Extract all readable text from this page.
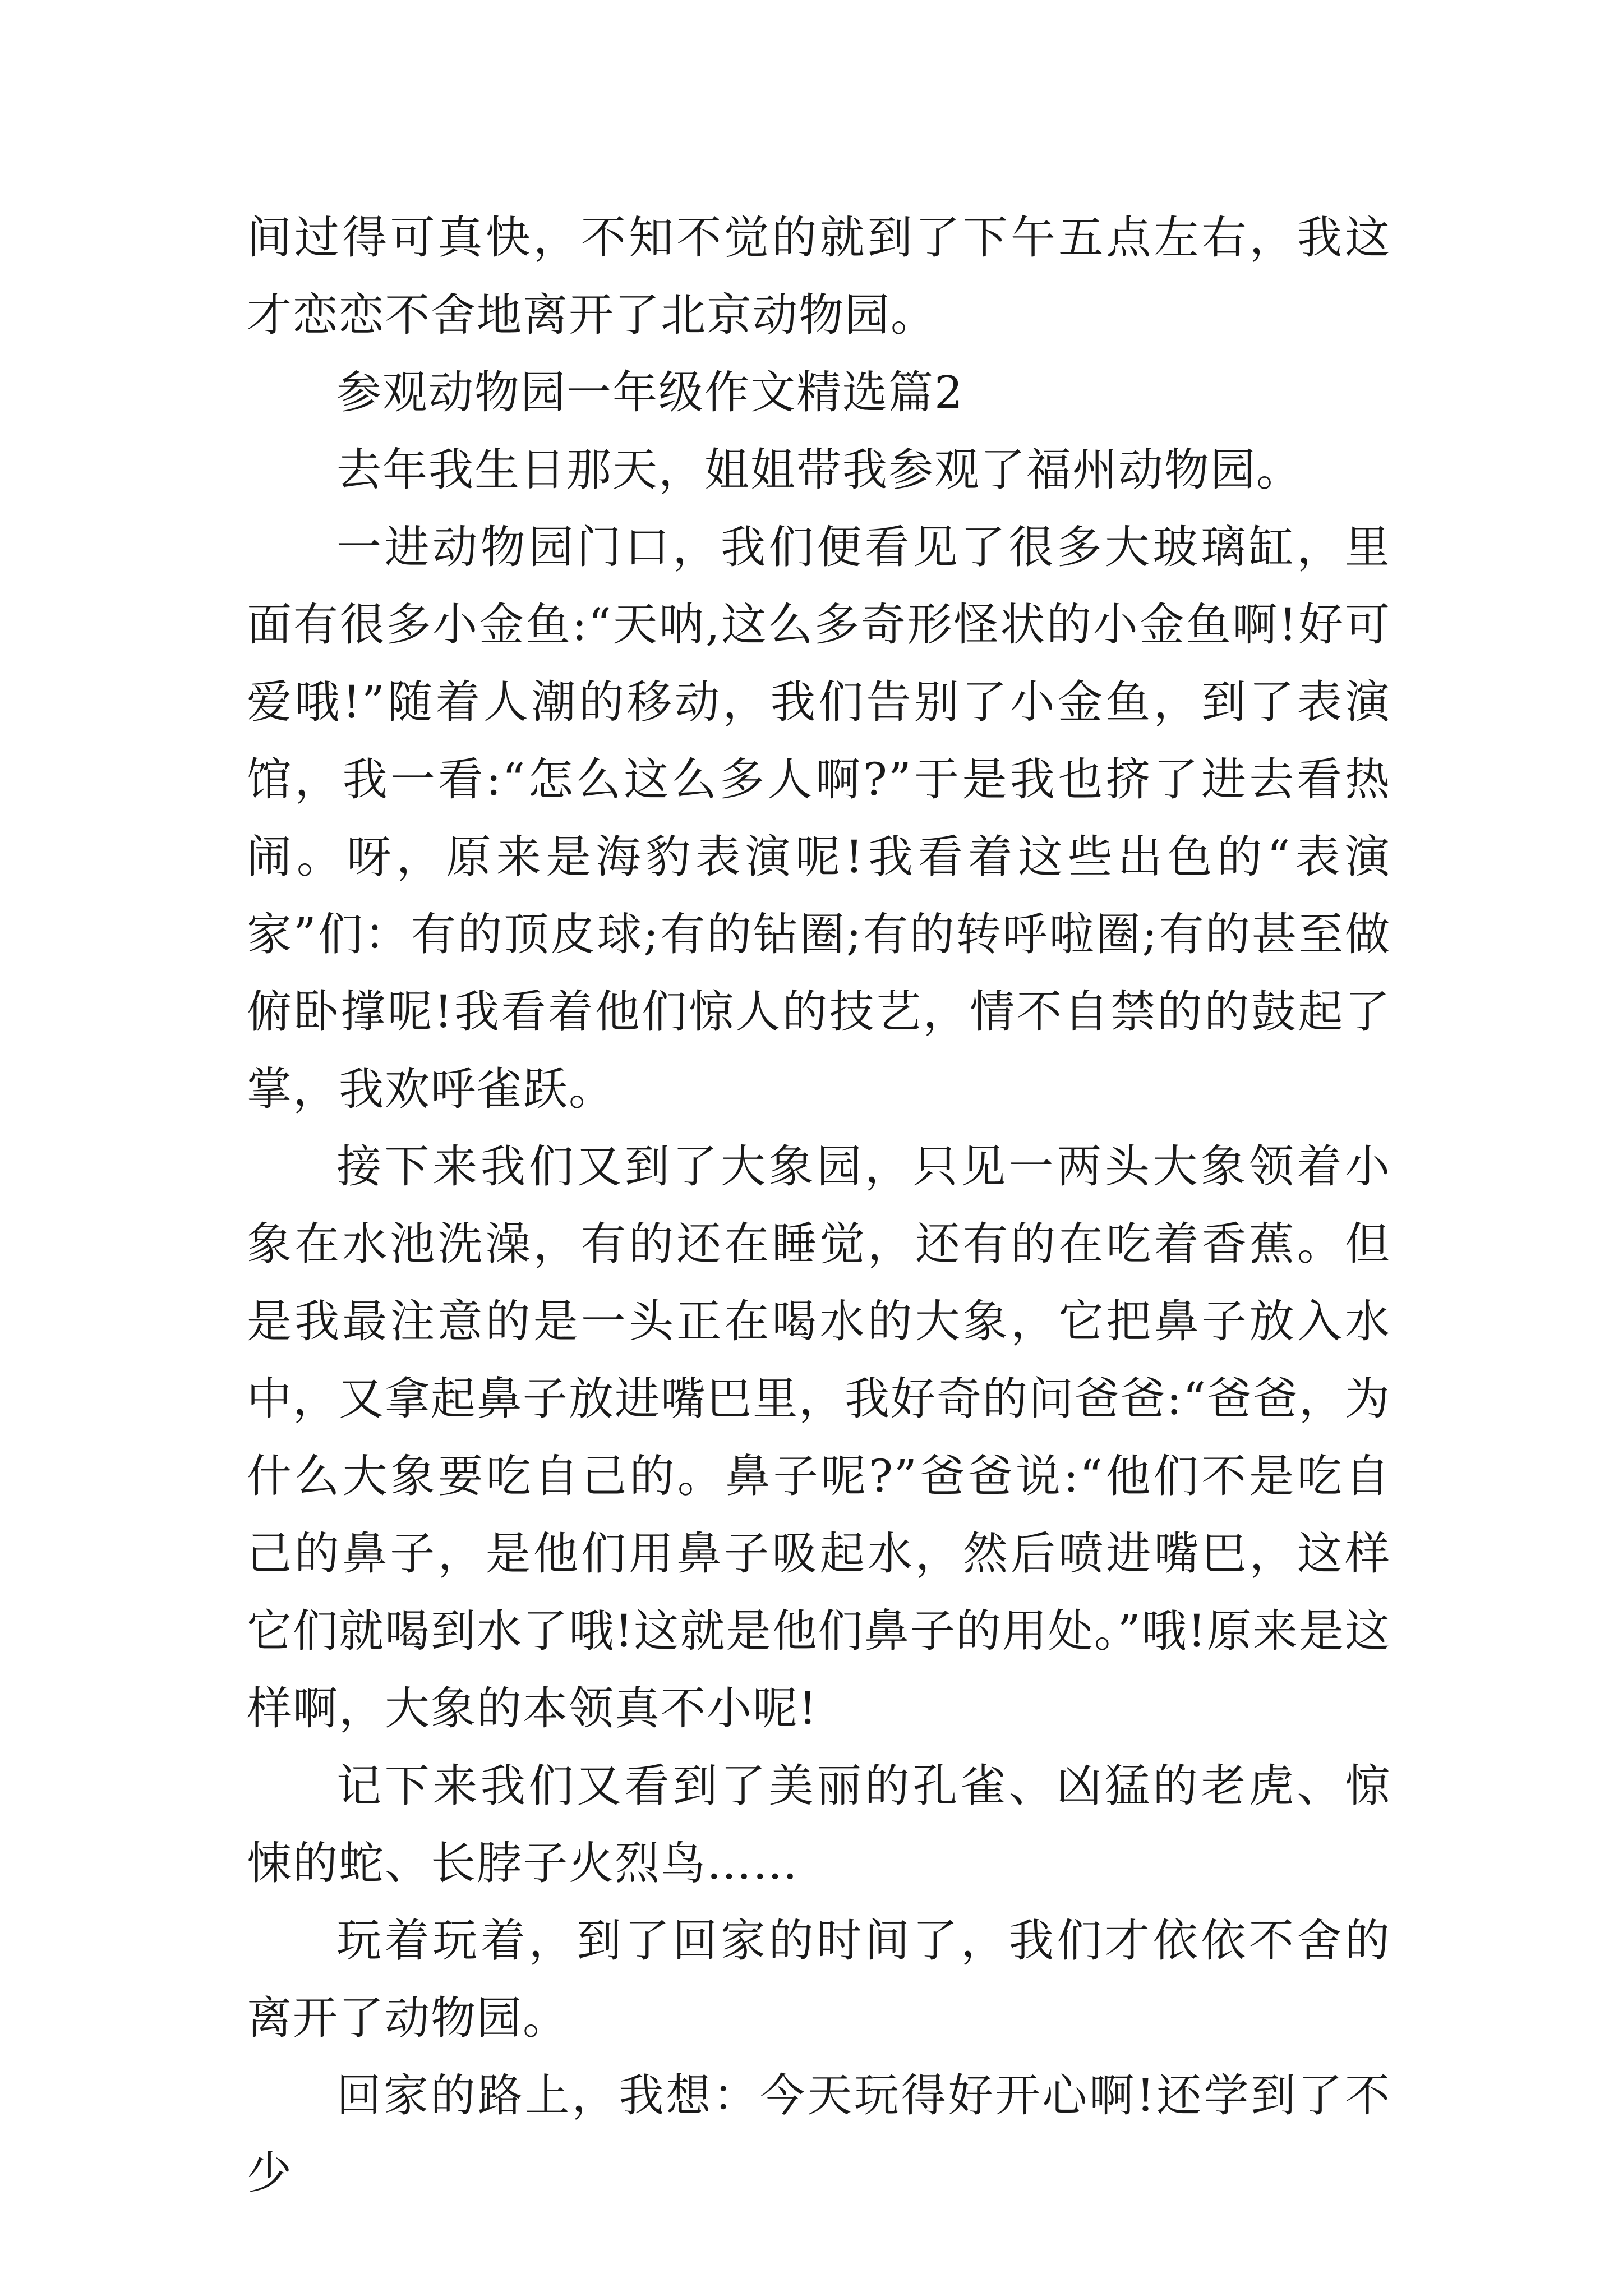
间过得可真快，不知不觉的就到了下午五点左右，我这才恋恋不舍地离开了北京动物园。

参观动物园一年级作文精选篇2

去年我生日那天，姐姐带我参观了福州动物园。

一进动物园门口，我们便看见了很多大玻璃缸，里面有很多小金鱼:“天呐,这么多奇形怪状的小金鱼啊!好可爱哦!”随着人潮的移动，我们告别了小金鱼，到了表演馆，我一看:“怎么这么多人啊?”于是我也挤了进去看热闹。呀，原来是海豹表演呢!我看着这些出色的“表演家”们：有的顶皮球;有的钻圈;有的转呼啦圈;有的甚至做俯卧撑呢!我看着他们惊人的技艺，情不自禁的的鼓起了掌，我欢呼雀跃。

接下来我们又到了大象园，只见一两头大象领着小象在水池洗澡，有的还在睡觉，还有的在吃着香蕉。但是我最注意的是一头正在喝水的大象，它把鼻子放入水中，又拿起鼻子放进嘴巴里，我好奇的问爸爸:“爸爸，为什么大象要吃自己的。鼻子呢?”爸爸说:“他们不是吃自己的鼻子，是他们用鼻子吸起水，然后喷进嘴巴，这样它们就喝到水了哦!这就是他们鼻子的用处。”哦!原来是这样啊，大象的本领真不小呢!

记下来我们又看到了美丽的孔雀、凶猛的老虎、惊悚的蛇、长脖子火烈鸟……

玩着玩着，到了回家的时间了，我们才依依不舍的离开了动物园。

回家的路上，我想：今天玩得好开心啊!还学到了不少
